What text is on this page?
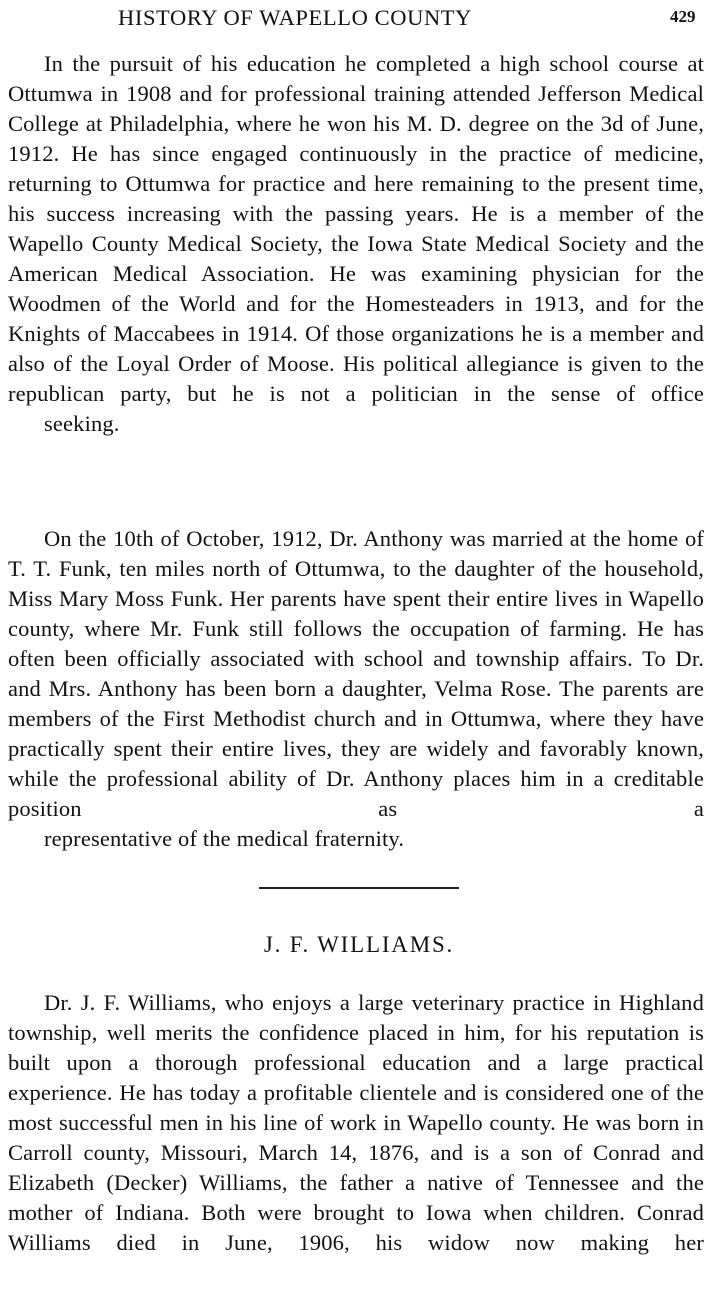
HISTORY OF WAPELLO COUNTY	429

In the pursuit of his education he completed a high school course at Ottumwa in 1908 and for professional training attended Jefferson Medical College at Philadelphia, where he won his M. D. degree on the 3d of June, 1912. He has since engaged continuously in the practice of medicine, returning to Ottumwa for practice and here remaining to the present time, his success increasing with the passing years. He is a member of the Wapello County Medical Society, the Iowa State Medical Society and the American Medical Association. He was examining physician for the Woodmen of the World and for the Homesteaders in 1913, and for the Knights of Maccabees in 1914. Of those organizations he is a member and also of the Loyal Order of Moose. His political allegiance is given to the republican party, but he is not a politician in the sense of office
seeking.

On the 10th of October, 1912, Dr. Anthony was married at the home of T. T. Funk, ten miles north of Ottumwa, to the daughter of the household, Miss Mary Moss Funk. Her parents have spent their entire lives in Wapello county, where Mr. Funk still follows the occupation of farming. He has often been officially associated with school and township affairs. To Dr. and Mrs. Anthony has been born a daughter, Velma Rose. The parents are members of the First Methodist church and in Ottumwa, where they have practically spent their entire lives, they are widely and favorably known, while the professional ability of Dr. Anthony places him in a creditable position as a
representative of the medical fraternity.

J. F. WILLIAMS.

Dr. J. F. Williams, who enjoys a large veterinary practice in Highland township, well merits the confidence placed in him, for his reputation is built upon a thorough professional education and a large practical experience. He has today a profitable clientele and is considered one of the most successful men in his line of work in Wapello county. He was born in Carroll county, Missouri, March 14, 1876, and is a son of Conrad and Elizabeth (Decker) Williams, the father a native of Tennessee and the mother of Indiana. Both were brought to Iowa when children. Conrad Williams died in June, 1906, his widow now making her
